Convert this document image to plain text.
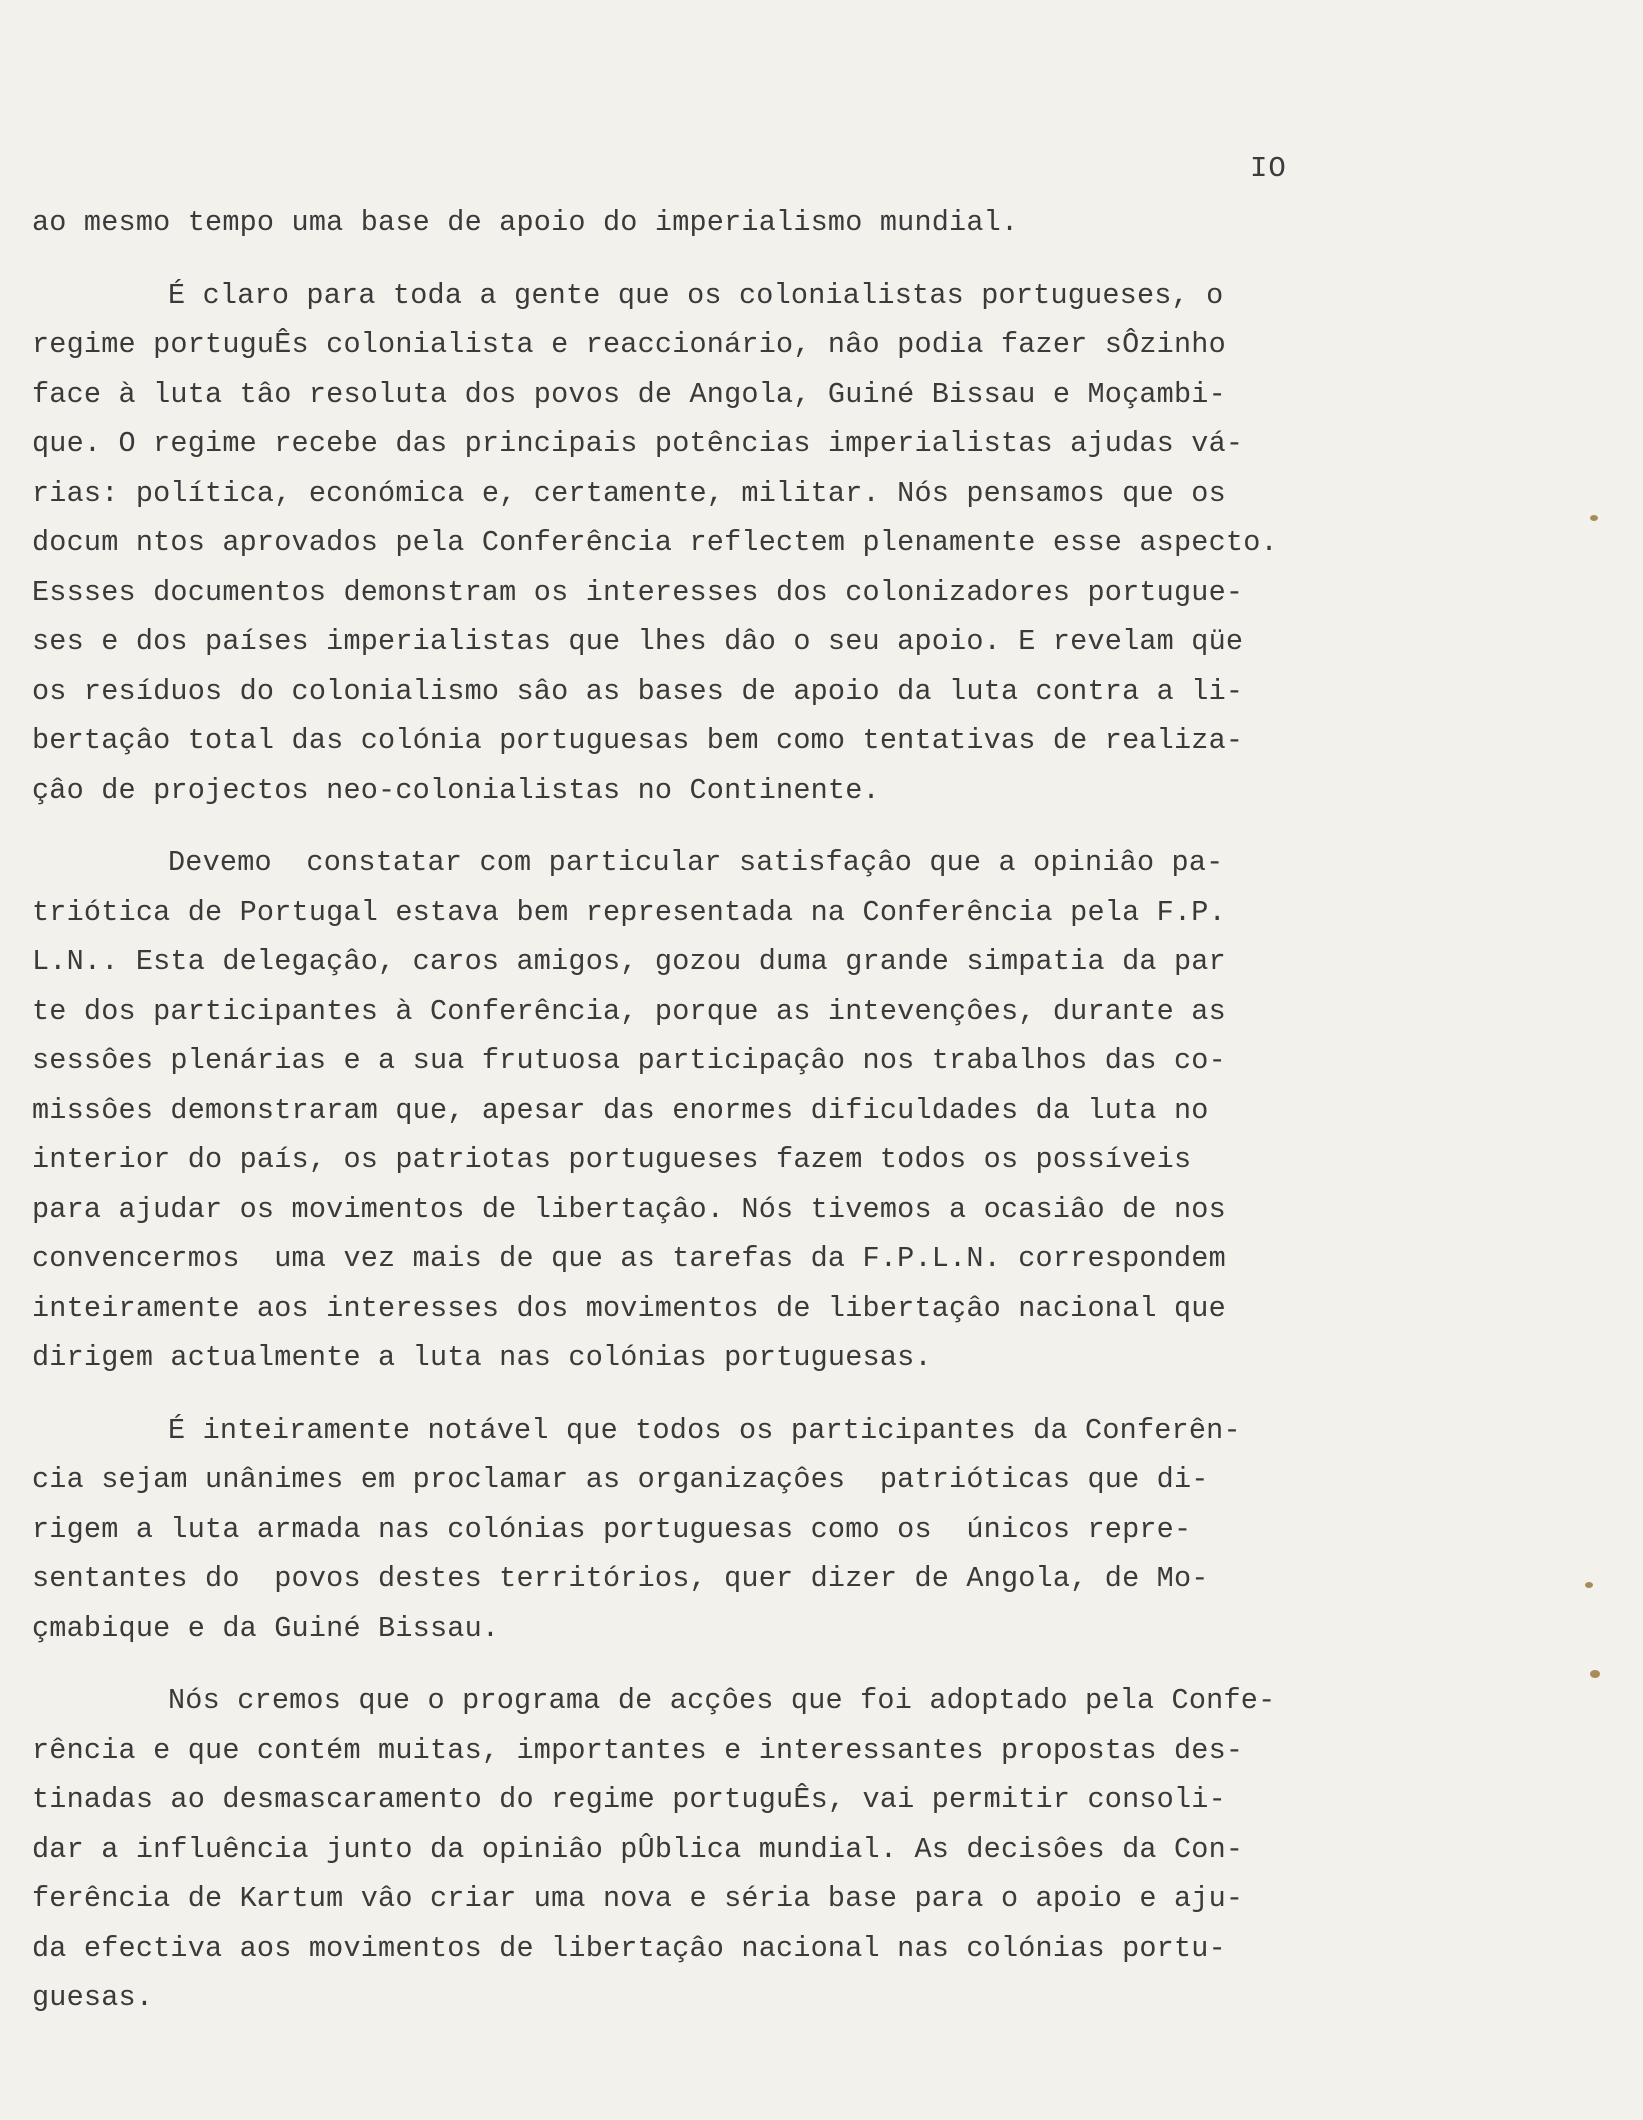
IO
ao mesmo tempo uma base de apoio do imperialismo mundial.
É claro para toda a gente que os colonialistas portugueses, o
regime portuguÊs colonialista e reaccionário, nâo podia fazer sÔzinho
face à luta tâo resoluta dos povos de Angola, Guiné Bissau e Moçambi-
que. O regime recebe das principais potências imperialistas ajudas vá-
rias: política, económica e, certamente, militar. Nós pensamos que os
docum ntos aprovados pela Conferência reflectem plenamente esse aspecto.
Essses documentos demonstram os interesses dos colonizadores portugue-
ses e dos países imperialistas que lhes dâo o seu apoio. E revelam qüe
os resíduos do colonialismo sâo as bases de apoio da luta contra a li-
bertaçâo total das colónia portuguesas bem como tentativas de realiza-
çâo de projectos neo-colonialistas no Continente.
Devemo  constatar com particular satisfaçâo que a opiniâo pa-
triótica de Portugal estava bem representada na Conferência pela F.P.
L.N.. Esta delegaçâo, caros amigos, gozou duma grande simpatia da par
te dos participantes à Conferência, porque as intevençôes, durante as
sessôes plenárias e a sua frutuosa participaçâo nos trabalhos das co-
missôes demonstraram que, apesar das enormes dificuldades da luta no
interior do país, os patriotas portugueses fazem todos os possíveis
para ajudar os movimentos de libertaçâo. Nós tivemos a ocasiâo de nos
convencermos  uma vez mais de que as tarefas da F.P.L.N. correspondem
inteiramente aos interesses dos movimentos de libertaçâo nacional que
dirigem actualmente a luta nas colónias portuguesas.
É inteiramente notável que todos os participantes da Conferên-
cia sejam unânimes em proclamar as organizaçôes  patrióticas que di-
rigem a luta armada nas colónias portuguesas como os  únicos repre-
sentantes do  povos destes territórios, quer dizer de Angola, de Mo-
çmabique e da Guiné Bissau.
Nós cremos que o programa de acçôes que foi adoptado pela Confe-
rência e que contém muitas, importantes e interessantes propostas des-
tinadas ao desmascaramento do regime portuguÊs, vai permitir consoli-
dar a influência junto da opiniâo pÛblica mundial. As decisôes da Con-
ferência de Kartum vâo criar uma nova e séria base para o apoio e aju-
da efectiva aos movimentos de libertaçâo nacional nas colónias portu-
guesas.
